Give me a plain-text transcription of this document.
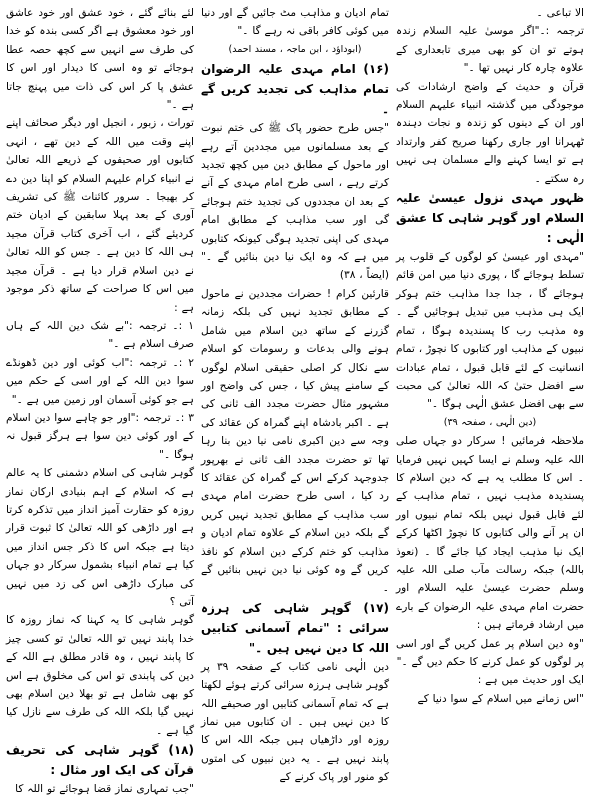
الا تباعی ۔

ترجمہ :۔"اگر موسیٰ علیہ السلام زندہ ہوتے تو ان کو بھی میری تابعداری کے علاوہ چارہ کار نہیں تھا ۔"

قرآن و حدیث کے واضح ارشادات کی موجودگی میں گذشتہ انبیاء علیہم السلام اور ان کے دینوں کو زندہ و نجات دہندہ ٹھہرانا اور جاری رکھنا صریح کفر وارتداد ہے تو ایسا کہنے والے مسلمان ہی نہیں رہ سکتے ۔

ظہور مہدی نزول عیسیٰ علیہ السلام اور گوہر شاہی کا عشق الٰہی :

"مہدی اور عیسیٰ کو لوگوں کے قلوب پر تسلط ہوجائے گا ، پوری دنیا میں امن قائم ہوجائے گا ، جدا جدا مذاہب ختم ہوکر ایک ہی مذہب میں تبدیل ہوجائیں گے ۔ وہ مذہب رب کا پسندیدہ ہوگا ، تمام نبیوں کے مذاہب اور کتابوں کا نچوڑ ، تمام انسانیت کے لئے قابل قبول ، تمام عبادات سے افضل حتیٰ کہ اللہ تعالیٰ کی محبت سے بھی افضل عشق الٰہی ہوگا ۔"

(دین الٰہی ، صفحہ ۳۹)

ملاحظہ فرمائیں ! سرکار دو جہاں صلی اللہ علیہ وسلم نے ایسا کہیں نہیں فرمایا ۔ اس کا مطلب یہ ہے کہ دین اسلام کا پسندیدہ مذہب نہیں ، تمام مذاہب کے لئے قابل قبول نہیں بلکہ تمام نبیوں اور ان پر آنے والی کتابوں کا نچوڑ اکٹھا کرکے ایک نیا مذہب ایجاد کیا جائے گا ۔ (نعوذ باللہ) جبکہ رسالت مآب صلی اللہ علیہ وسلم حضرت عیسیٰ علیہ السلام اور حضرت امام مہدی علیہ الرضوان کے بارے میں ارشاد فرماتے ہیں :

"وہ دین اسلام پر عمل کریں گے اور اسی پر لوگوں کو عمل کرنے کا حکم دیں گے ۔"

ایک اور حدیث میں ہے :

"اس زمانے میں اسلام کے سوا دنیا کے

تمام ادیان و مذاہب مٹ جائیں گے اور دنیا میں کوئی کافر باقی نہ رہے گا ۔"

(ابوداؤد ، ابن ماجہ ، مسند احمد)

(۱۶) امام مہدی علیہ الرضوان تمام مذاہب کی تجدید کریں گے ۔

"جس طرح حضور پاک ﷺ کی ختم نبوت کے بعد مسلمانوں میں مجددین آتے رہے اور ماحول کے مطابق دین میں کچھ تجدید کرتے رہے ، اسی طرح امام مہدی کے آنے کے بعد ان مجددوں کی تجدید ختم ہوجائے گی اور سب مذاہب کے مطابق امام مہدی کی اپنی تجدید ہوگی کیونکہ کتابوں میں ہے کہ وہ ایک نیا دین بنائیں گے ۔" (ایضاً ، ۳۸)

قارئین کرام ! حضرات مجددین نے ماحول کے مطابق تجدید نہیں کی بلکہ زمانہ گزرنے کے ساتھ دین اسلام میں شامل ہونے والی بدعات و رسومات کو اسلام سے نکال کر اصلی حقیقی اسلام لوگوں کے سامنے پیش کیا ، جس کی واضح اور مشہور مثال حضرت مجدد الف ثانی کی ہے ۔ اکبر بادشاہ اپنے گمراہ کن عقائد کی وجہ سے دین اکبری نامی نیا دین بنا رہا تھا تو حضرت مجدد الف ثانی نے بھرپور جدوجہد کرکے اس کے گمراہ کن عقائد کا رد کیا ، اسی طرح حضرت امام مہدی سب مذاہب کے مطابق تجدید نہیں کریں گے بلکہ دین اسلام کے علاوہ تمام ادیان و مذاہب کو ختم کرکے دین اسلام کو نافذ کریں گے وہ کوئی نیا دین نہیں بنائیں گے ۔

(۱۷) گوہر شاہی کی ہرزہ سرائی : "تمام آسمانی کتابیں اللہ کا دین نہیں ہیں ۔"

دین الٰہی نامی کتاب کے صفحہ ۳۹ پر گوہر شاہی ہرزہ سرائی کرتے ہوئے لکھتا ہے کہ تمام آسمانی کتابیں اور صحیفے اللہ کا دین نہیں ہیں ۔ ان کتابوں میں نماز روزہ اور داڑھیاں ہیں جبکہ اللہ اس کا پابند نہیں ہے ۔ یہ دین نبیوں کی امتوں کو منور اور پاک کرنے کے

لئے بنائے گئے ، خود عشق اور خود عاشق اور خود معشوق ہے اگر کسی بندہ کو خدا کی طرف سے انہیں سے کچھ حصہ عطا ہوجائے تو وہ اسی کا دیدار اور اس کا عشق پا کر اس کی ذات میں پہنچ جاتا ہے ۔"

تورات ، زبور ، انجیل اور دیگر صحائف اپنے اپنے وقت میں اللہ کے دین تھے ، انہی کتابوں اور صحیفوں کے ذریعے اللہ تعالیٰ نے انبیاء کرام علیہم السلام کو اپنا دین دے کر بھیجا ۔ سرور کائنات ﷺ کی تشریف آوری کے بعد پہلا سابقین کے ادیان ختم کردیئے گئے ، اب آخری کتاب قرآن مجید ہی اللہ کا دین ہے ۔ جس کو اللہ تعالیٰ نے دین اسلام قرار دیا ہے ۔ قرآن مجید میں اس کا صراحت کے ساتھ ذکر موجود ہے :

۱ :۔ ترجمہ :"بے شک دین اللہ کے ہاں صرف اسلام ہے ۔"

۲ :۔ ترجمہ :"اب کوئی اور دین ڈھونڈے سوا دین اللہ کے اور اسی کے حکم میں ہے جو کوئی آسمان اور زمین میں ہے ۔"

۳ :۔ ترجمہ :"اور جو چاہے سوا دین اسلام کے اور کوئی دین سوا ہے ہرگز قبول نہ ہوگا ۔"

گوہر شاہی کی اسلام دشمنی کا یہ عالم ہے کہ اسلام کے اہم بنیادی ارکان نماز روزہ کو حقارت آمیز انداز میں تذکرہ کرتا ہے اور داڑھی کو اللہ تعالیٰ کا ثبوت قرار دیتا ہے جبکہ اس کا ذکر جس انداز میں کیا ہے تمام انبیاء بشمول سرکار دو جہاں کی مبارک داڑھی اس کی زد میں نہیں آتی ؟

گوہر شاہی کا یہ کہنا کہ نماز روزہ کا خدا پابند نہیں تو اللہ تعالیٰ تو کسی چیز کا پابند نہیں ، وہ قادر مطلق ہے اللہ کے دین کی پابندی تو اس کی مخلوق ہے اس کو بھی شامل ہے تو بھلا دین اسلام بھی نہیں گیا بلکہ اللہ کی طرف سے نازل کیا گیا ہے ۔

(۱۸) گوہر شاہی کی تحریف قرآن کی ایک اور مثال :

"جب تمہاری نماز قضا ہوجائے تو اللہ کا
